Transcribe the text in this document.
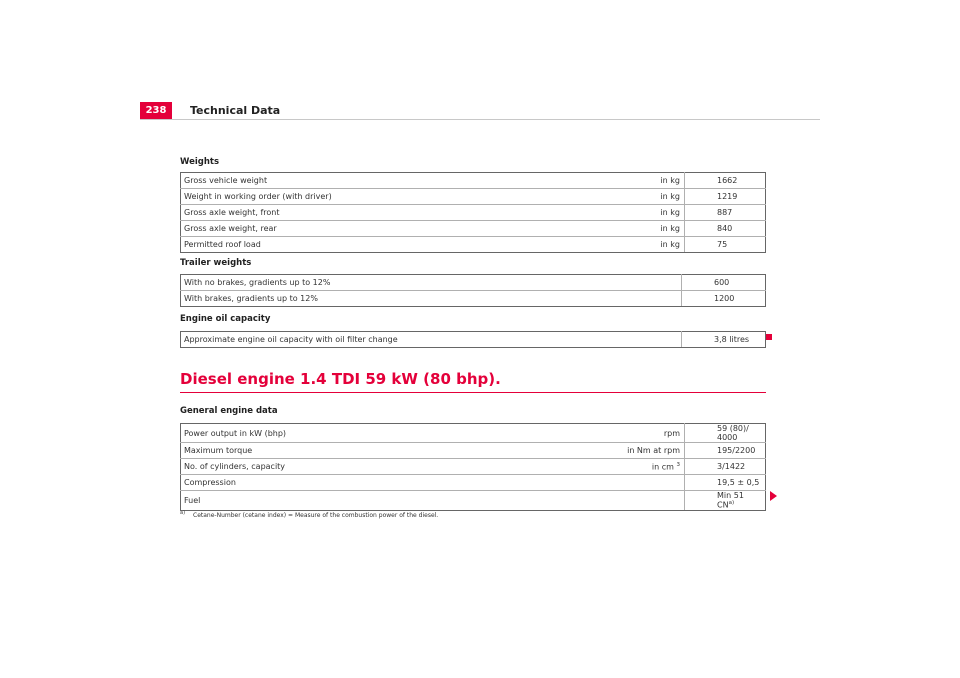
238	Technical Data
Weights
Gross vehicle weight	in kg	1662
Weight in working order (with driver)	in kg	1219
Gross axle weight, front	in kg	887
Gross axle weight, rear	in kg	840
Permitted roof load	in kg	75
Trailer weights
With no brakes, gradients up to 12%	600
With brakes, gradients up to 12%	1200
Engine oil capacity
Approximate engine oil capacity with oil filter change	3,8 litres
Diesel engine 1.4 TDI 59 kW (80 bhp).
General engine data
Power output in kW (bhp)	rpm	59 (80)/ 4000
Maximum torque	in Nm at rpm	195/2200
No. of cylinders, capacity	in cm $^3$	3/1422
Compression		19,5 ± 0,5
Fuel		Min 51 CN$^{a)}$
$^{a)}$ Cetane-Number (cetane index) = Measure of the combustion power of the diesel.
